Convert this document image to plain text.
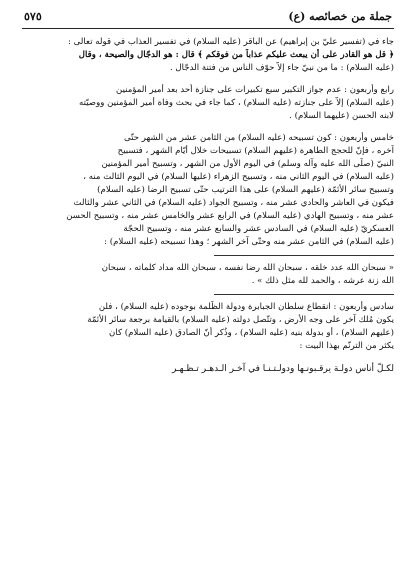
جملة من خصائصه (ع)
٥٧٥
جاء في (تفسير عليّ بن إبراهيم) عن الباقر (عليه السلام) في تفسير العذاب في قوله تعالى :
﴿ قل هو القادر على أن يبعث عليكم عذاباً من فوقكم ﴾ قال : هو الدجّال والصيحة ، وقال
(عليه السلام) : ما من نبيّ جاء إلاّ حوّف الناس من فتنة الدجّال .
رابع وأربعون : عدم جواز التكبير سبع تكبيرات على جنازة أحد بعد أمير المؤمنين
(عليه السلام) إلاّ على جنازته (عليه السلام) ، كما جاء في بحث وفاة أمير المؤمنين ووصيّته
لابنه الحسن (عليهما السلام) .
خامس وأربعون : كون تسبيحه (عليه السلام) من الثامن عشر من الشهر حتّى
آخره ، فإنّ للحجج الطاهرة (عليهم السلام) تسبيحات خلال أيّام الشهر ، فتسبيح
النبيّ (صلّى الله عليه وآله وسلم) في اليوم الأول من الشهر ، وتسبيح أمير المؤمنين
(عليه السلام) في اليوم الثاني منه ، وتسبيح الزهراء (عليها السلام) في اليوم الثالث منه ،
وتسبيح سائر الأئمّة (عليهم السلام) على هذا الترتيب حتّى تسبيح الرضا (عليه السلام)
فيكون في العاشر والحادي عشر منه ، وتسبيح الجواد (عليه السلام) في الثاني عشر والثالث
عشر منه ، وتسبيح الهادي (عليه السلام) في الرابع عشر والخامس عشر منه ، وتسبيح الحسن
العسكريّ (عليه السلام) في السادس عشر والسابع عشر منه ، وتسبيح الحجّة
(عليه السلام) في الثامن عشر منه وحتّى آخر الشهر ؛ وهذا تسبيحه (عليه السلام) :
« سبحان الله عدد خلقه ، سبحان الله رضا نفسه ، سبحان الله مداد كلماته ، سبحان
الله زنة عرشه ، والحمد لله مثل ذلك » .
سادس وأربعون : انقطاع سلطان الجبابرة ودولة الظَّلمة بوجوده (عليه السلام) ، فلن
يكون مُلك آخر على وجه الأرض ، وتتّصل دولته (عليه السلام) بالقيامة برجعة سائر الأئمّة
(عليهم السلام) ، أو بدولة بنيه (عليه السلام) ، وذُكر أنّ الصادق (عليه السلام) كان
يكثر من الترنّم بهذا البيت :
لكـلّ أناس دولـة يرقـبونـها ودولـتـنـا في آخـر الـدهـر تـظـهـر
